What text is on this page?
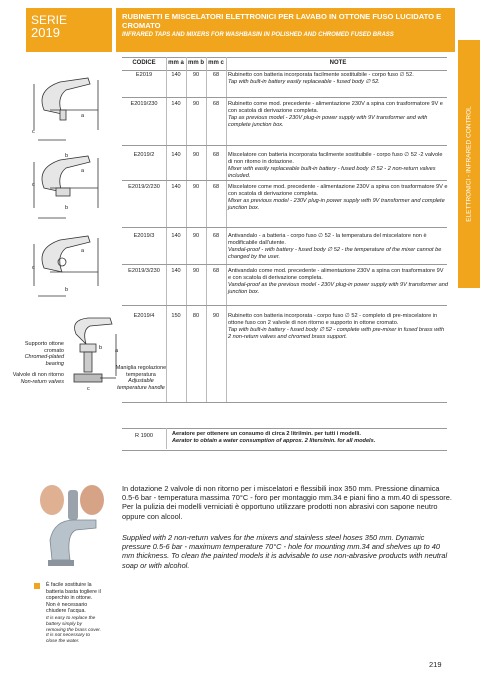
SERIE
2019
RUBINETTI E MISCELATORI ELETTRONICI PER LAVABO IN OTTONE FUSO LUCIDATO E CROMATO
INFRARED TAPS AND MIXERS FOR WASHBASIN IN POLISHED AND CHROMED FUSED BRASS
ELETTRONICI - INFRARED CONTROL
CODICE	mm a mm b mm c	NOTE
E2019	140	90	68	Rubinetto con batteria incorporata facilmente sostituibile - corpo fuso ∅ 52.
Tap with built-in battery easily replaceable - fused body ∅ 52.
E2019/230	140	90	68	Rubinetto come mod. precedente - alimentazione 230V a spina con trasformatore 9V e con scatola di derivazione completa.
Tap as previous model - 230V plug-in power supply with 9V transformer and with complete junction box.
E2019/2	140	90	68	Miscelatore con batteria incorporata facilmente sostituibile - corpo fuso ∅ 52 -2 valvole di non ritorno in dotazione.
Mixer with easily replaceable built-in battery - fused body ∅ 52 - 2 non-return valves included.
E2019/2/230	140	90	68	Miscelatore come mod. precedente - alimentazione 230V a spina con trasformatore 9V e con scatola di derivazione completa.
Mixer as previous model - 230V plug-in power supply with 9V transformer and complete junction box.
E2019/3	140	90	68	Antivandalo - a batteria - corpo fuso ∅ 52 - la temperatura del miscelatore non è modificabile dall'utente.
Vandal-proof - with battery - fused body ∅ 52 - the temperature of the mixer cannot be changed by the user.
E2019/3/230	140	90	68	Antivandalo come mod. precedente - alimentazione 230V a spina con trasformatore 9V e con scatola di derivazione completa.
Vandal-proof as the previous model - 230V plug-in power supply with 9V transformer and junction box.
E2019/4	150	80	90	Rubinetto con batteria incorporata - corpo fuso ∅ 52 - completo di pre-miscelatore in ottone fuso con 2 valvole di non ritorno e supporto in ottone cromato.
Tap with built-in battery - fused body ∅ 52 - complete with pre-mixer in fused brass with 2 non-return valves and chromed brass support.
R 1900	Aeratore per ottenere un consumo di circa 2 litri/min. per tutti i modelli.
Aerator to obtain a water consumption of approx. 2 liters/min. for all models.
a
c
b
a
c
b
a
c
b
b a
c
Supporto ottone cromato
Chromed-plated bearing
Valvole di non ritorno
Non-return valves
Maniglia regolazione temperatura
Adjustable temperature handle
In dotazione 2 valvole di non ritorno per i miscelatori e flessibili inox 350 mm. Pressione dinamica 0.5-6 bar - temperatura massima 70°C - foro per montaggio mm.34 e piani fino a mm.40 di spessore. Per la pulizia dei modelli verniciati è opportuno utilizzare prodotti non abrasivi con sapone neutro oppure con alcool.
Supplied with 2 non-return valves for the mixers and stainless steel hoses 350 mm. Dynamic pressure 0.5-6 bar - maximum temperature 70°C - hole for mounting mm.34 and shelves up to 40 mm thickness. To clean the painted models it is advisable to use non-abrasive products with neutral soap or with alcohol.
È facile sostituire la batteria basta togliere il coperchio in ottone. Non è necessario chiudere l'acqua.
It is easy to replace the battery simply by removing the brass cover. It is not necessary to close the water.
219
